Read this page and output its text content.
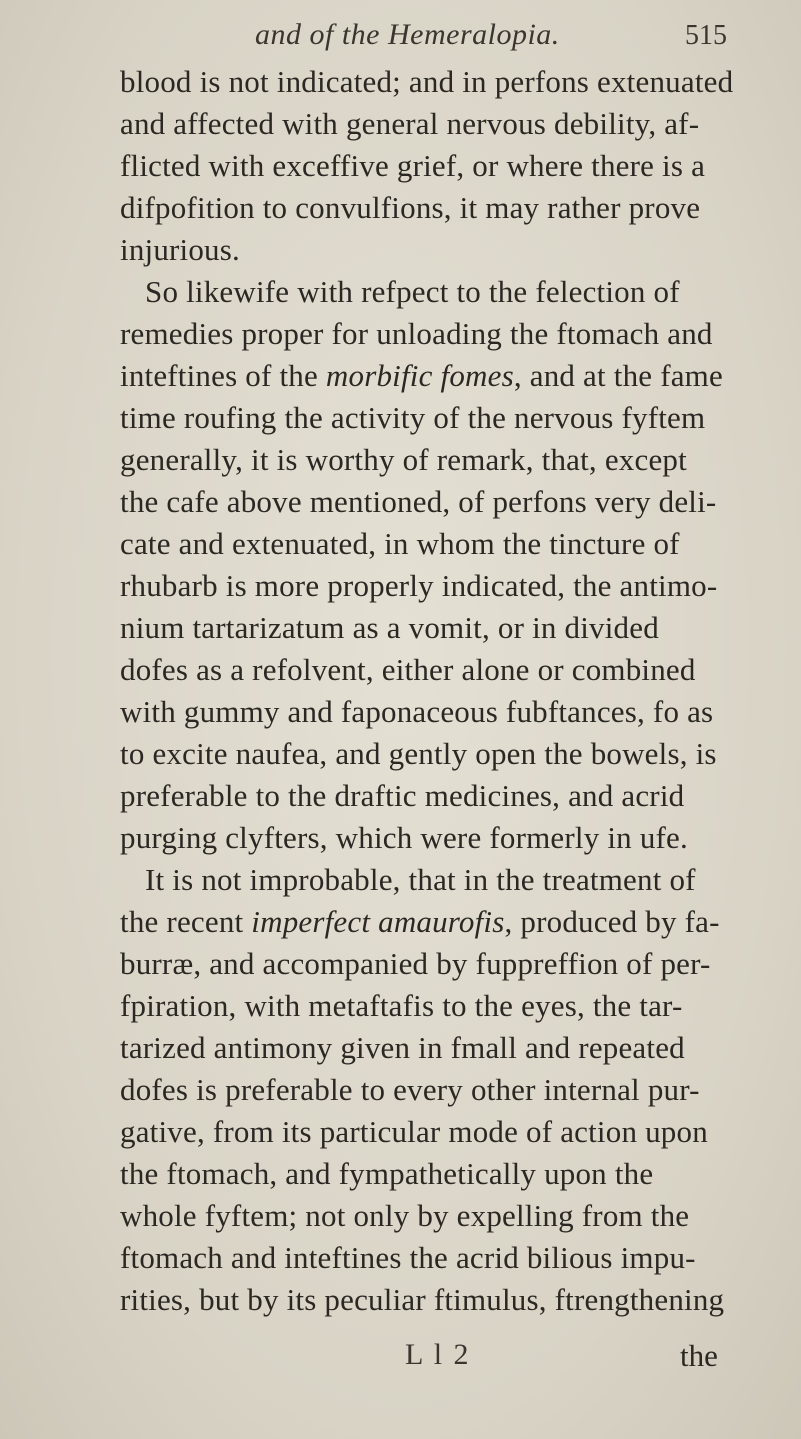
and of the Hemeralopia.	515
blood is not indicated; and in perfons extenuated
and affected with general nervous debility, af-
flicted with exceffive grief, or where there is a
difpofition to convulfions, it may rather prove
injurious.
So likewife with refpect to the felection of
remedies proper for unloading the ftomach and
inteftines of the morbific fomes, and at the fame
time roufing the activity of the nervous fyftem
generally, it is worthy of remark, that, except
the cafe above mentioned, of perfons very deli-
cate and extenuated, in whom the tincture of
rhubarb is more properly indicated, the antimo-
nium tartarizatum as a vomit, or in divided
dofes as a refolvent, either alone or combined
with gummy and faponaceous fubftances, fo as
to excite naufea, and gently open the bowels, is
preferable to the draftic medicines, and acrid
purging clyfters, which were formerly in ufe.
It is not improbable, that in the treatment of
the recent imperfect amaurofis, produced by fa-
burræ, and accompanied by fuppreffion of per-
fpiration, with metaftafis to the eyes, the tar-
tarized antimony given in fmall and repeated
dofes is preferable to every other internal pur-
gative, from its particular mode of action upon
the ftomach, and fympathetically upon the
whole fyftem; not only by expelling from the
ftomach and inteftines the acrid bilious impu-
rities, but by its peculiar ftimulus, ftrengthening
L l 2	the
